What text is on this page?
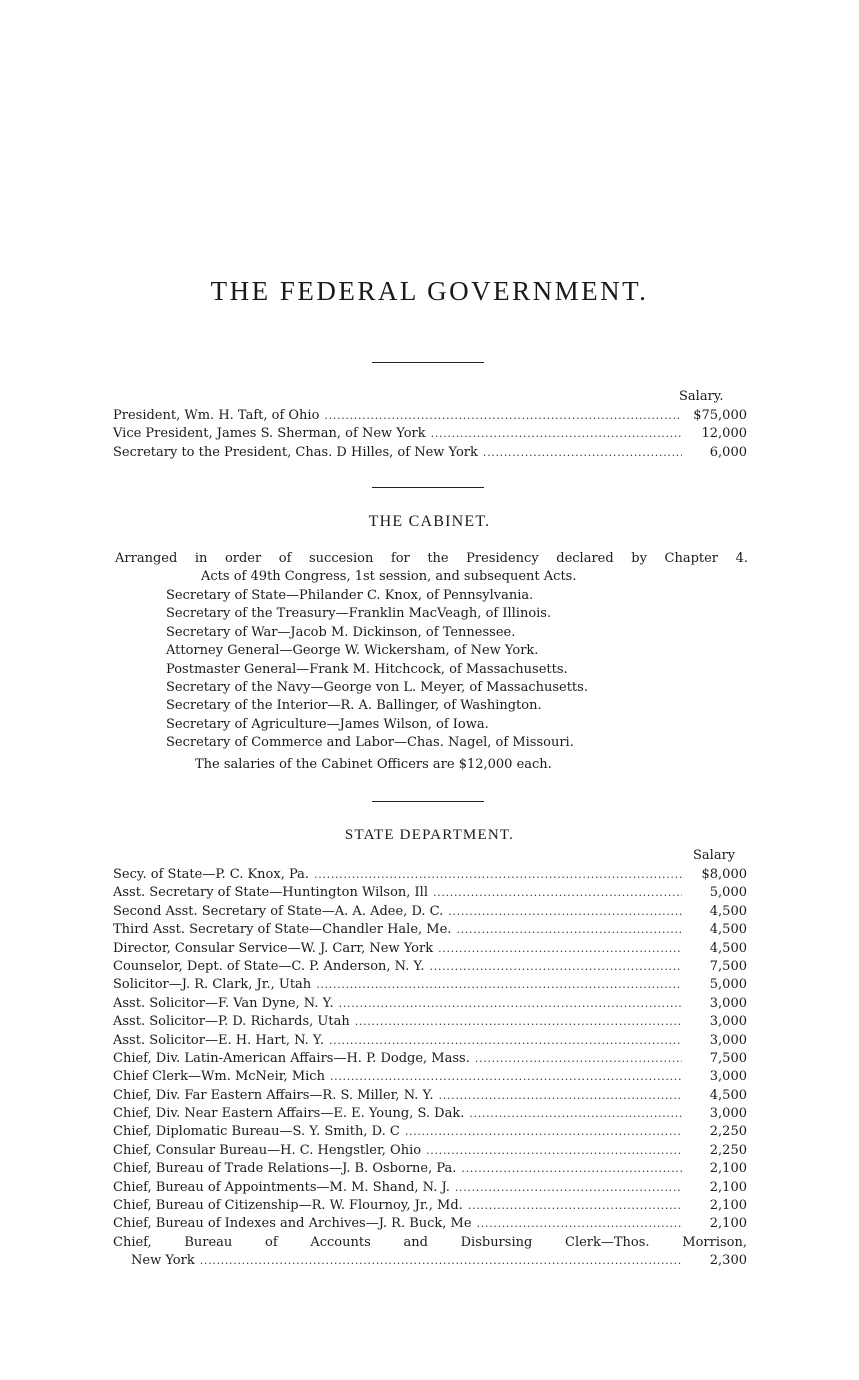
THE FEDERAL GOVERNMENT.
Salary.
President, Wm. H. Taft, of Ohio . . .	$75,000
Vice President, James S. Sherman, of New York . . .	12,000
Secretary to the President, Chas. D Hilles, of New York . . .	6,000
THE CABINET.
Arranged in order of succesion for the Presidency declared by Chapter 4.
Acts of 49th Congress, 1st session, and subsequent Acts.
Secretary of State—Philander C. Knox, of Pennsylvania.
Secretary of the Treasury—Franklin MacVeagh, of Illinois.
Secretary of War—Jacob M. Dickinson, of Tennessee.
Attorney General—George W. Wickersham, of New York.
Postmaster General—Frank M. Hitchcock, of Massachusetts.
Secretary of the Navy—George von L. Meyer, of Massachusetts.
Secretary of the Interior—R. A. Ballinger, of Washington.
Secretary of Agriculture—James Wilson, of Iowa.
Secretary of Commerce and Labor—Chas. Nagel, of Missouri.
The salaries of the Cabinet Officers are $12,000 each.
STATE DEPARTMENT.
Salary
Secy. of State—P. C. Knox, Pa. . . .	$8,000
Asst. Secretary of State—Huntington Wilson, Ill . . .	5,000
Second Asst. Secretary of State—A. A. Adee, D. C. . . .	4,500
Third Asst. Secretary of State—Chandler Hale, Me. . . .	4,500
Director, Consular Service—W. J. Carr, New York . . .	4,500
Counselor, Dept. of State—C. P. Anderson, N. Y. . . .	7,500
Solicitor—J. R. Clark, Jr., Utah . . .	5,000
Asst. Solicitor—F. Van Dyne, N. Y. . . .	3,000
Asst. Solicitor—P. D. Richards, Utah . . .	3,000
Asst. Solicitor—E. H. Hart, N. Y. . . .	3,000
Chief, Div. Latin-American Affairs—H. P. Dodge, Mass. . . .	7,500
Chief Clerk—Wm. McNeir, Mich . . .	3,000
Chief, Div. Far Eastern Affairs—R. S. Miller, N. Y. . . .	4,500
Chief, Div. Near Eastern Affairs—E. E. Young, S. Dak. . . .	3,000
Chief, Diplomatic Bureau—S. Y. Smith, D. C . . .	2,250
Chief, Consular Bureau—H. C. Hengstler, Ohio . . .	2,250
Chief, Bureau of Trade Relations—J. B. Osborne, Pa. . . .	2,100
Chief, Bureau of Appointments—M. M. Shand, N. J. . . .	2,100
Chief, Bureau of Citizenship—R. W. Flournoy, Jr., Md. . . .	2,100
Chief, Bureau of Indexes and Archives—J. R. Buck, Me . . .	2,100
Chief, Bureau of Accounts and Disbursing Clerk—Thos. Morrison,
New York . . .	2,300
